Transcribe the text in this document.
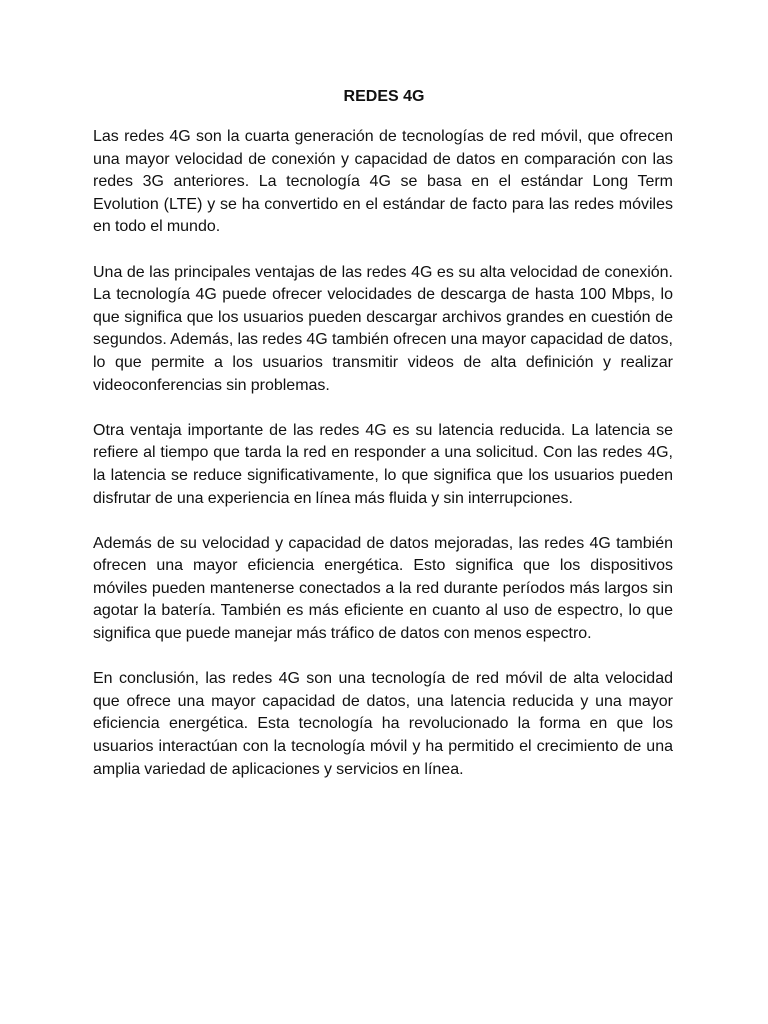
REDES 4G

Las redes 4G son la cuarta generación de tecnologías de red móvil, que ofrecen una mayor velocidad de conexión y capacidad de datos en comparación con las redes 3G anteriores. La tecnología 4G se basa en el estándar Long Term Evolution (LTE) y se ha convertido en el estándar de facto para las redes móviles en todo el mundo.

Una de las principales ventajas de las redes 4G es su alta velocidad de conexión. La tecnología 4G puede ofrecer velocidades de descarga de hasta 100 Mbps, lo que significa que los usuarios pueden descargar archivos grandes en cuestión de segundos. Además, las redes 4G también ofrecen una mayor capacidad de datos, lo que permite a los usuarios transmitir videos de alta definición y realizar videoconferencias sin problemas.

Otra ventaja importante de las redes 4G es su latencia reducida. La latencia se refiere al tiempo que tarda la red en responder a una solicitud. Con las redes 4G, la latencia se reduce significativamente, lo que significa que los usuarios pueden disfrutar de una experiencia en línea más fluida y sin interrupciones.

Además de su velocidad y capacidad de datos mejoradas, las redes 4G también ofrecen una mayor eficiencia energética. Esto significa que los dispositivos móviles pueden mantenerse conectados a la red durante períodos más largos sin agotar la batería. También es más eficiente en cuanto al uso de espectro, lo que significa que puede manejar más tráfico de datos con menos espectro.

En conclusión, las redes 4G son una tecnología de red móvil de alta velocidad que ofrece una mayor capacidad de datos, una latencia reducida y una mayor eficiencia energética. Esta tecnología ha revolucionado la forma en que los usuarios interactúan con la tecnología móvil y ha permitido el crecimiento de una amplia variedad de aplicaciones y servicios en línea.
